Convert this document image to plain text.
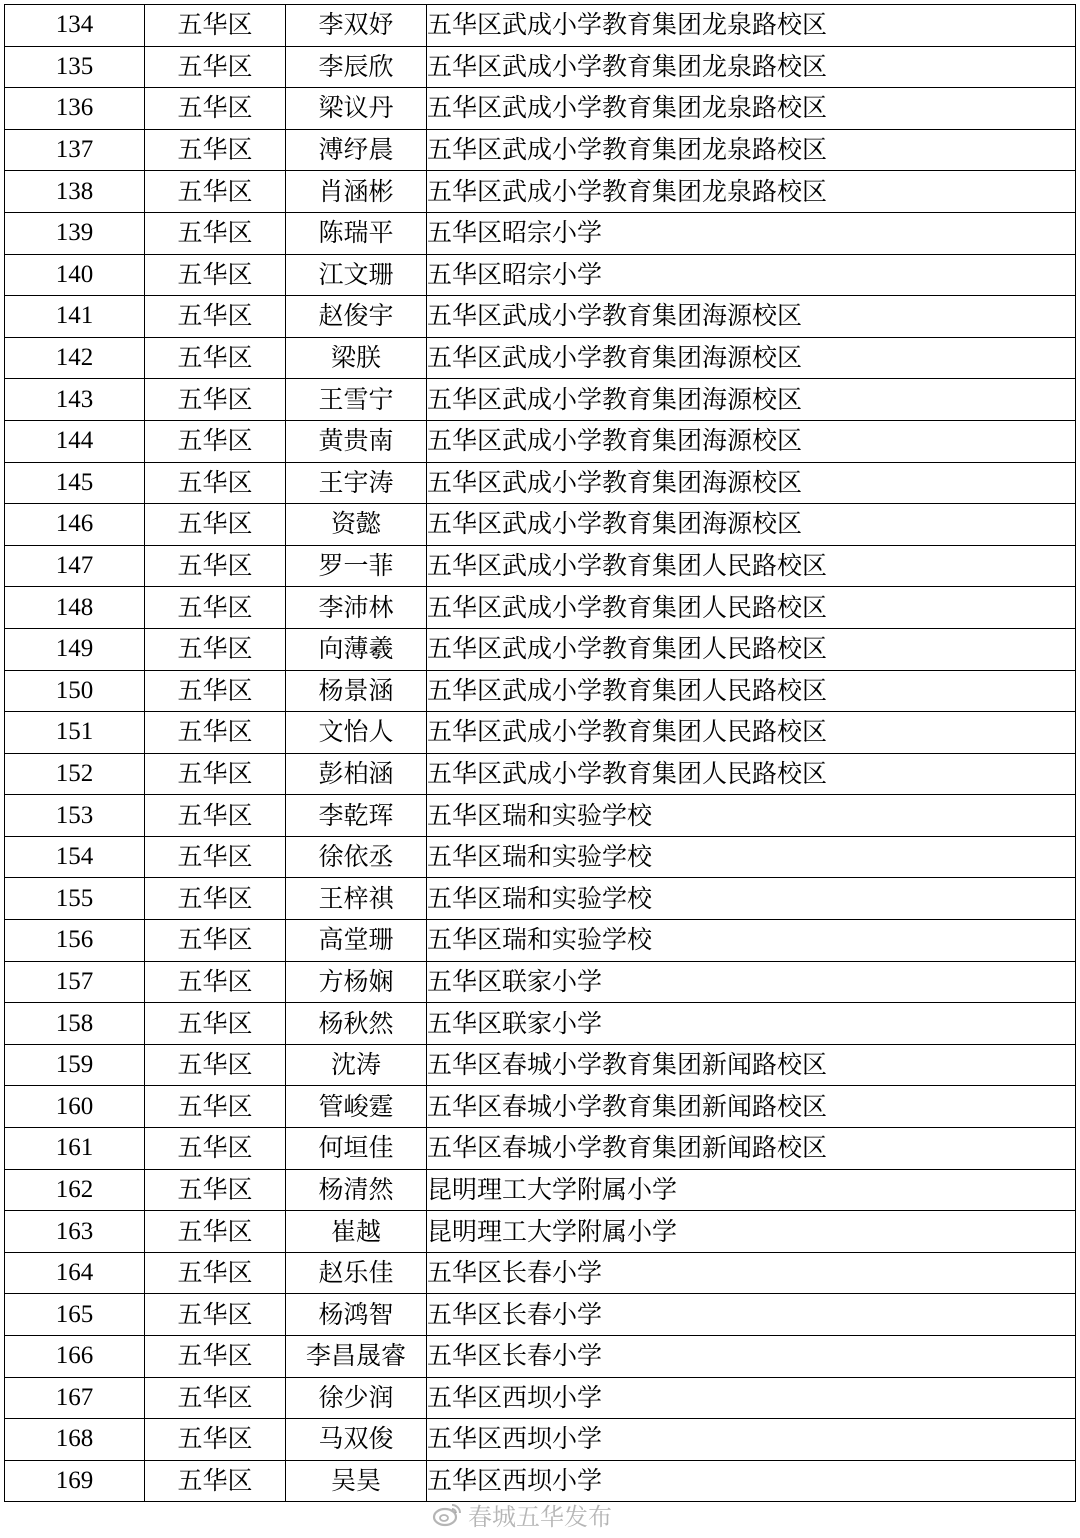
134	五华区	李双妤	五华区武成小学教育集团龙泉路校区
135	五华区	李辰欣	五华区武成小学教育集团龙泉路校区
136	五华区	梁议丹	五华区武成小学教育集团龙泉路校区
137	五华区	溥纾晨	五华区武成小学教育集团龙泉路校区
138	五华区	肖涵彬	五华区武成小学教育集团龙泉路校区
139	五华区	陈瑞平	五华区昭宗小学
140	五华区	江文珊	五华区昭宗小学
141	五华区	赵俊宇	五华区武成小学教育集团海源校区
142	五华区	梁朕	五华区武成小学教育集团海源校区
143	五华区	王雪宁	五华区武成小学教育集团海源校区
144	五华区	黄贵南	五华区武成小学教育集团海源校区
145	五华区	王宇涛	五华区武成小学教育集团海源校区
146	五华区	资懿	五华区武成小学教育集团海源校区
147	五华区	罗一菲	五华区武成小学教育集团人民路校区
148	五华区	李沛林	五华区武成小学教育集团人民路校区
149	五华区	向薄羲	五华区武成小学教育集团人民路校区
150	五华区	杨景涵	五华区武成小学教育集团人民路校区
151	五华区	文怡人	五华区武成小学教育集团人民路校区
152	五华区	彭柏涵	五华区武成小学教育集团人民路校区
153	五华区	李乾珲	五华区瑞和实验学校
154	五华区	徐依丞	五华区瑞和实验学校
155	五华区	王梓祺	五华区瑞和实验学校
156	五华区	高堂珊	五华区瑞和实验学校
157	五华区	方杨娴	五华区联家小学
158	五华区	杨秋然	五华区联家小学
159	五华区	沈涛	五华区春城小学教育集团新闻路校区
160	五华区	管峻霆	五华区春城小学教育集团新闻路校区
161	五华区	何垣佳	五华区春城小学教育集团新闻路校区
162	五华区	杨清然	昆明理工大学附属小学
163	五华区	崔越	昆明理工大学附属小学
164	五华区	赵乐佳	五华区长春小学
165	五华区	杨鸿智	五华区长春小学
166	五华区	李昌晟睿	五华区长春小学
167	五华区	徐少润	五华区西坝小学
168	五华区	马双俊	五华区西坝小学
169	五华区	吴昊	五华区西坝小学
春城五华发布
